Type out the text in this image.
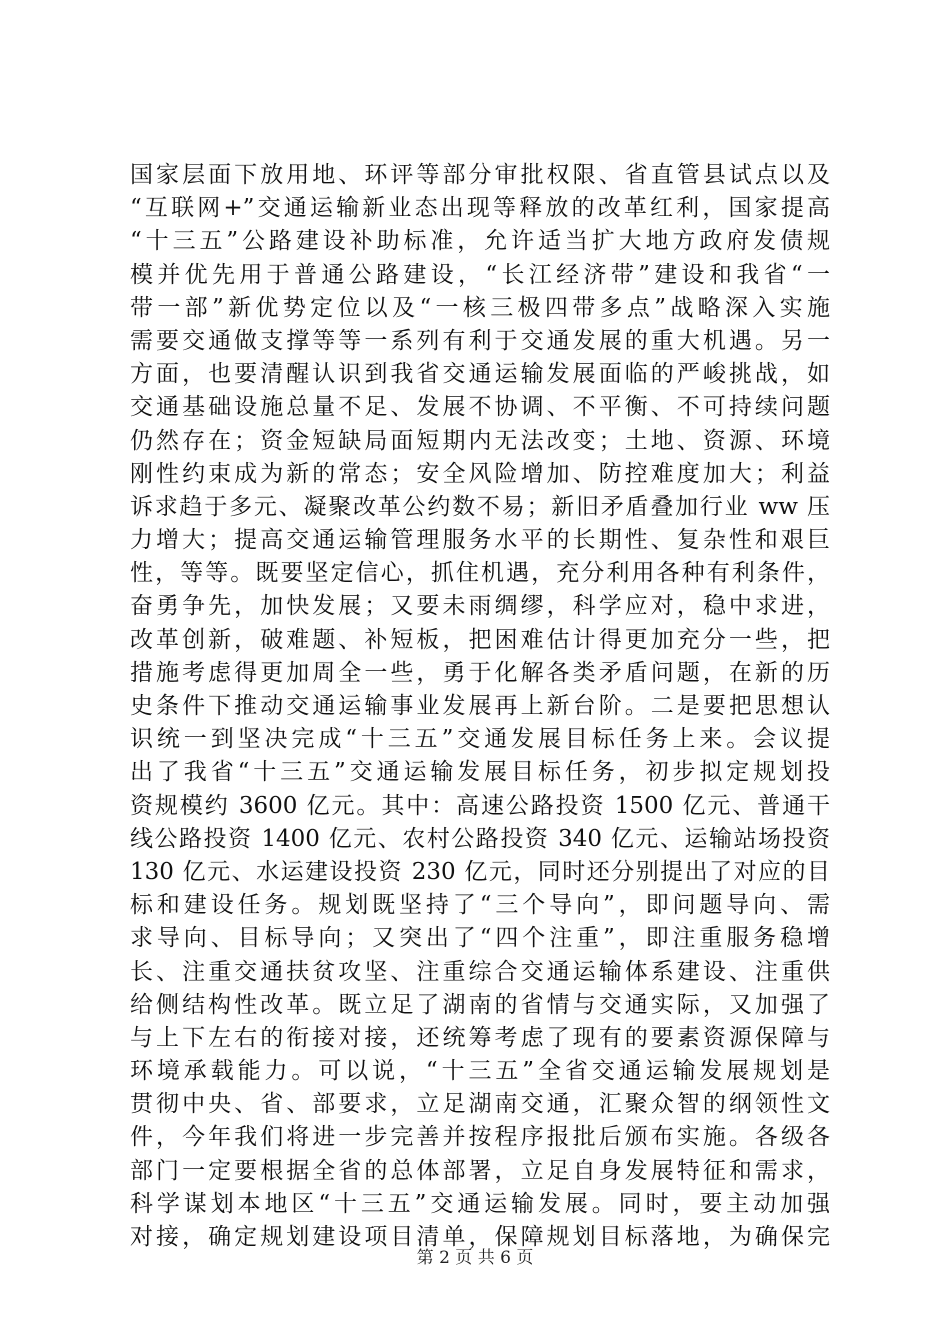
国家层面下放用地、环评等部分审批权限、省直管县试点以及
“互联网+”交通运输新业态出现等释放的改革红利，国家提高
“十三五”公路建设补助标准，允许适当扩大地方政府发债规
模并优先用于普通公路建设，“长江经济带”建设和我省“一
带一部”新优势定位以及“一核三极四带多点”战略深入实施
需要交通做支撑等等一系列有利于交通发展的重大机遇。另一
方面，也要清醒认识到我省交通运输发展面临的严峻挑战，如
交通基础设施总量不足、发展不协调、不平衡、不可持续问题
仍然存在；资金短缺局面短期内无法改变；土地、资源、环境
刚性约束成为新的常态；安全风险增加、防控难度加大；利益
诉求趋于多元、凝聚改革公约数不易；新旧矛盾叠加行业 ww 压
力增大；提高交通运输管理服务水平的长期性、复杂性和艰巨
性，等等。既要坚定信心，抓住机遇，充分利用各种有利条件，
奋勇争先，加快发展；又要未雨绸缪，科学应对，稳中求进，
改革创新，破难题、补短板，把困难估计得更加充分一些，把
措施考虑得更加周全一些，勇于化解各类矛盾问题，在新的历
史条件下推动交通运输事业发展再上新台阶。二是要把思想认
识统一到坚决完成“十三五”交通发展目标任务上来。会议提
出了我省“十三五”交通运输发展目标任务，初步拟定规划投
资规模约 3600 亿元。其中：高速公路投资 1500 亿元、普通干
线公路投资 1400 亿元、农村公路投资 340 亿元、运输站场投资
130 亿元、水运建设投资 230 亿元，同时还分别提出了对应的目
标和建设任务。规划既坚持了“三个导向”，即问题导向、需
求导向、目标导向；又突出了“四个注重”，即注重服务稳增
长、注重交通扶贫攻坚、注重综合交通运输体系建设、注重供
给侧结构性改革。既立足了湖南的省情与交通实际，又加强了
与上下左右的衔接对接，还统筹考虑了现有的要素资源保障与
环境承载能力。可以说，“十三五”全省交通运输发展规划是
贯彻中央、省、部要求，立足湖南交通，汇聚众智的纲领性文
件，今年我们将进一步完善并按程序报批后颁布实施。各级各
部门一定要根据全省的总体部署，立足自身发展特征和需求，
科学谋划本地区“十三五”交通运输发展。同时，要主动加强
对接，确定规划建设项目清单，保障规划目标落地，为确保完
第 2 页 共 6 页
